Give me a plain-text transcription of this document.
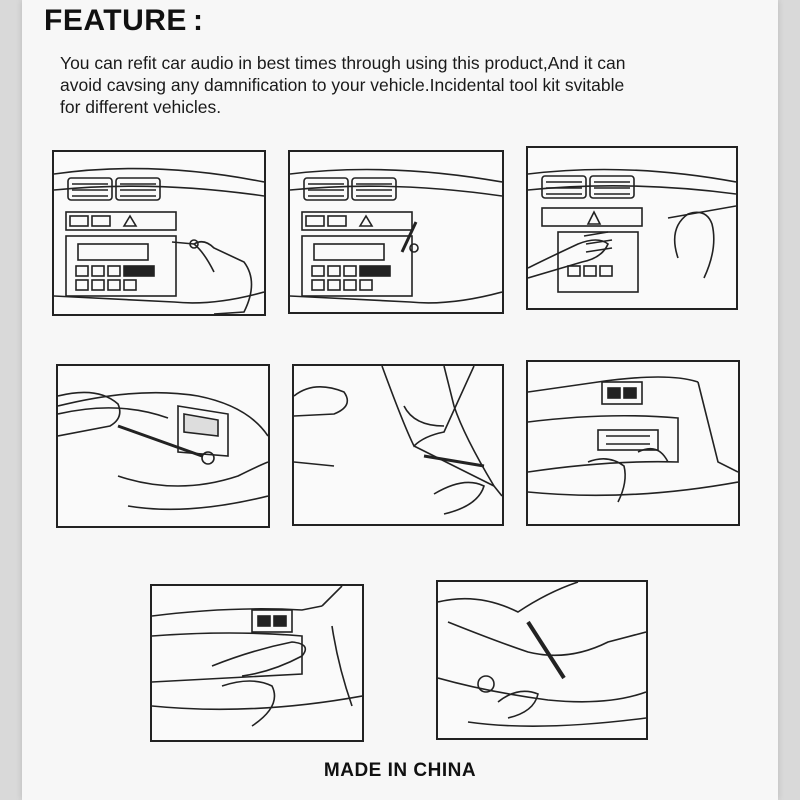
FEATURE :
You can refit car audio in best times through using this product,And it can
avoid cavsing any damnification to your vehicle.Incidental tool kit svitable
for different vehicles.

MADE IN CHINA
